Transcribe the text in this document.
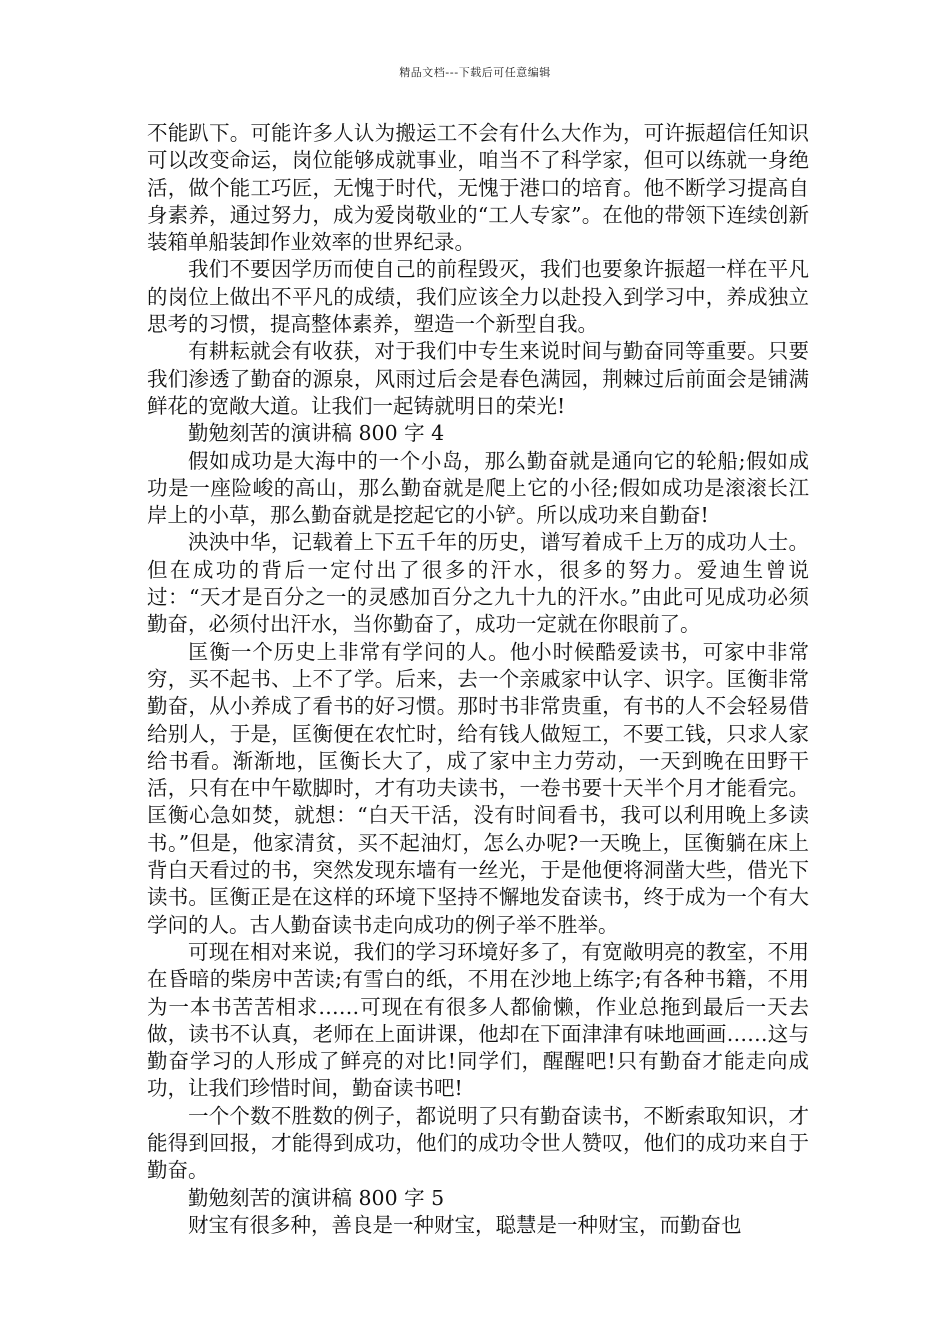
精品文档---下载后可任意编辑

不能趴下。可能许多人认为搬运工不会有什么大作为，可许振超信任知识可以改变命运，岗位能够成就事业，咱当不了科学家，但可以练就一身绝活，做个能工巧匠，无愧于时代，无愧于港口的培育。他不断学习提高自身素养，通过努力，成为爱岗敬业的“工人专家”。在他的带领下连续创新装箱单船装卸作业效率的世界纪录。

我们不要因学历而使自己的前程毁灭，我们也要象许振超一样在平凡的岗位上做出不平凡的成绩，我们应该全力以赴投入到学习中，养成独立思考的习惯，提高整体素养，塑造一个新型自我。

有耕耘就会有收获，对于我们中专生来说时间与勤奋同等重要。只要我们渗透了勤奋的源泉，风雨过后会是春色满园，荆棘过后前面会是铺满鲜花的宽敞大道。让我们一起铸就明日的荣光!

勤勉刻苦的演讲稿 800 字 4

假如成功是大海中的一个小岛，那么勤奋就是通向它的轮船;假如成功是一座险峻的高山，那么勤奋就是爬上它的小径;假如成功是滚滚长江岸上的小草，那么勤奋就是挖起它的小铲。所以成功来自勤奋!

泱泱中华，记载着上下五千年的历史，谱写着成千上万的成功人士。但在成功的背后一定付出了很多的汗水，很多的努力。爱迪生曾说过：“天才是百分之一的灵感加百分之九十九的汗水。”由此可见成功必须勤奋，必须付出汗水，当你勤奋了，成功一定就在你眼前了。

匡衡一个历史上非常有学问的人。他小时候酷爱读书，可家中非常穷，买不起书、上不了学。后来，去一个亲戚家中认字、识字。匡衡非常勤奋，从小养成了看书的好习惯。那时书非常贵重，有书的人不会轻易借给别人，于是，匡衡便在农忙时，给有钱人做短工，不要工钱，只求人家给书看。渐渐地，匡衡长大了，成了家中主力劳动，一天到晚在田野干活，只有在中午歇脚时，才有功夫读书，一卷书要十天半个月才能看完。匡衡心急如焚，就想：“白天干活，没有时间看书，我可以利用晚上多读书。”但是，他家清贫，买不起油灯，怎么办呢?一天晚上，匡衡躺在床上背白天看过的书，突然发现东墙有一丝光，于是他便将洞凿大些，借光下读书。匡衡正是在这样的环境下坚持不懈地发奋读书，终于成为一个有大学问的人。古人勤奋读书走向成功的例子举不胜举。

可现在相对来说，我们的学习环境好多了，有宽敞明亮的教室，不用在昏暗的柴房中苦读;有雪白的纸，不用在沙地上练字;有各种书籍，不用为一本书苦苦相求……可现在有很多人都偷懒，作业总拖到最后一天去做，读书不认真，老师在上面讲课，他却在下面津津有味地画画……这与勤奋学习的人形成了鲜亮的对比!同学们，醒醒吧!只有勤奋才能走向成功，让我们珍惜时间，勤奋读书吧!

一个个数不胜数的例子，都说明了只有勤奋读书，不断索取知识，才能得到回报，才能得到成功，他们的成功令世人赞叹，他们的成功来自于勤奋。

勤勉刻苦的演讲稿 800 字 5

财宝有很多种，善良是一种财宝，聪慧是一种财宝，而勤奋也
